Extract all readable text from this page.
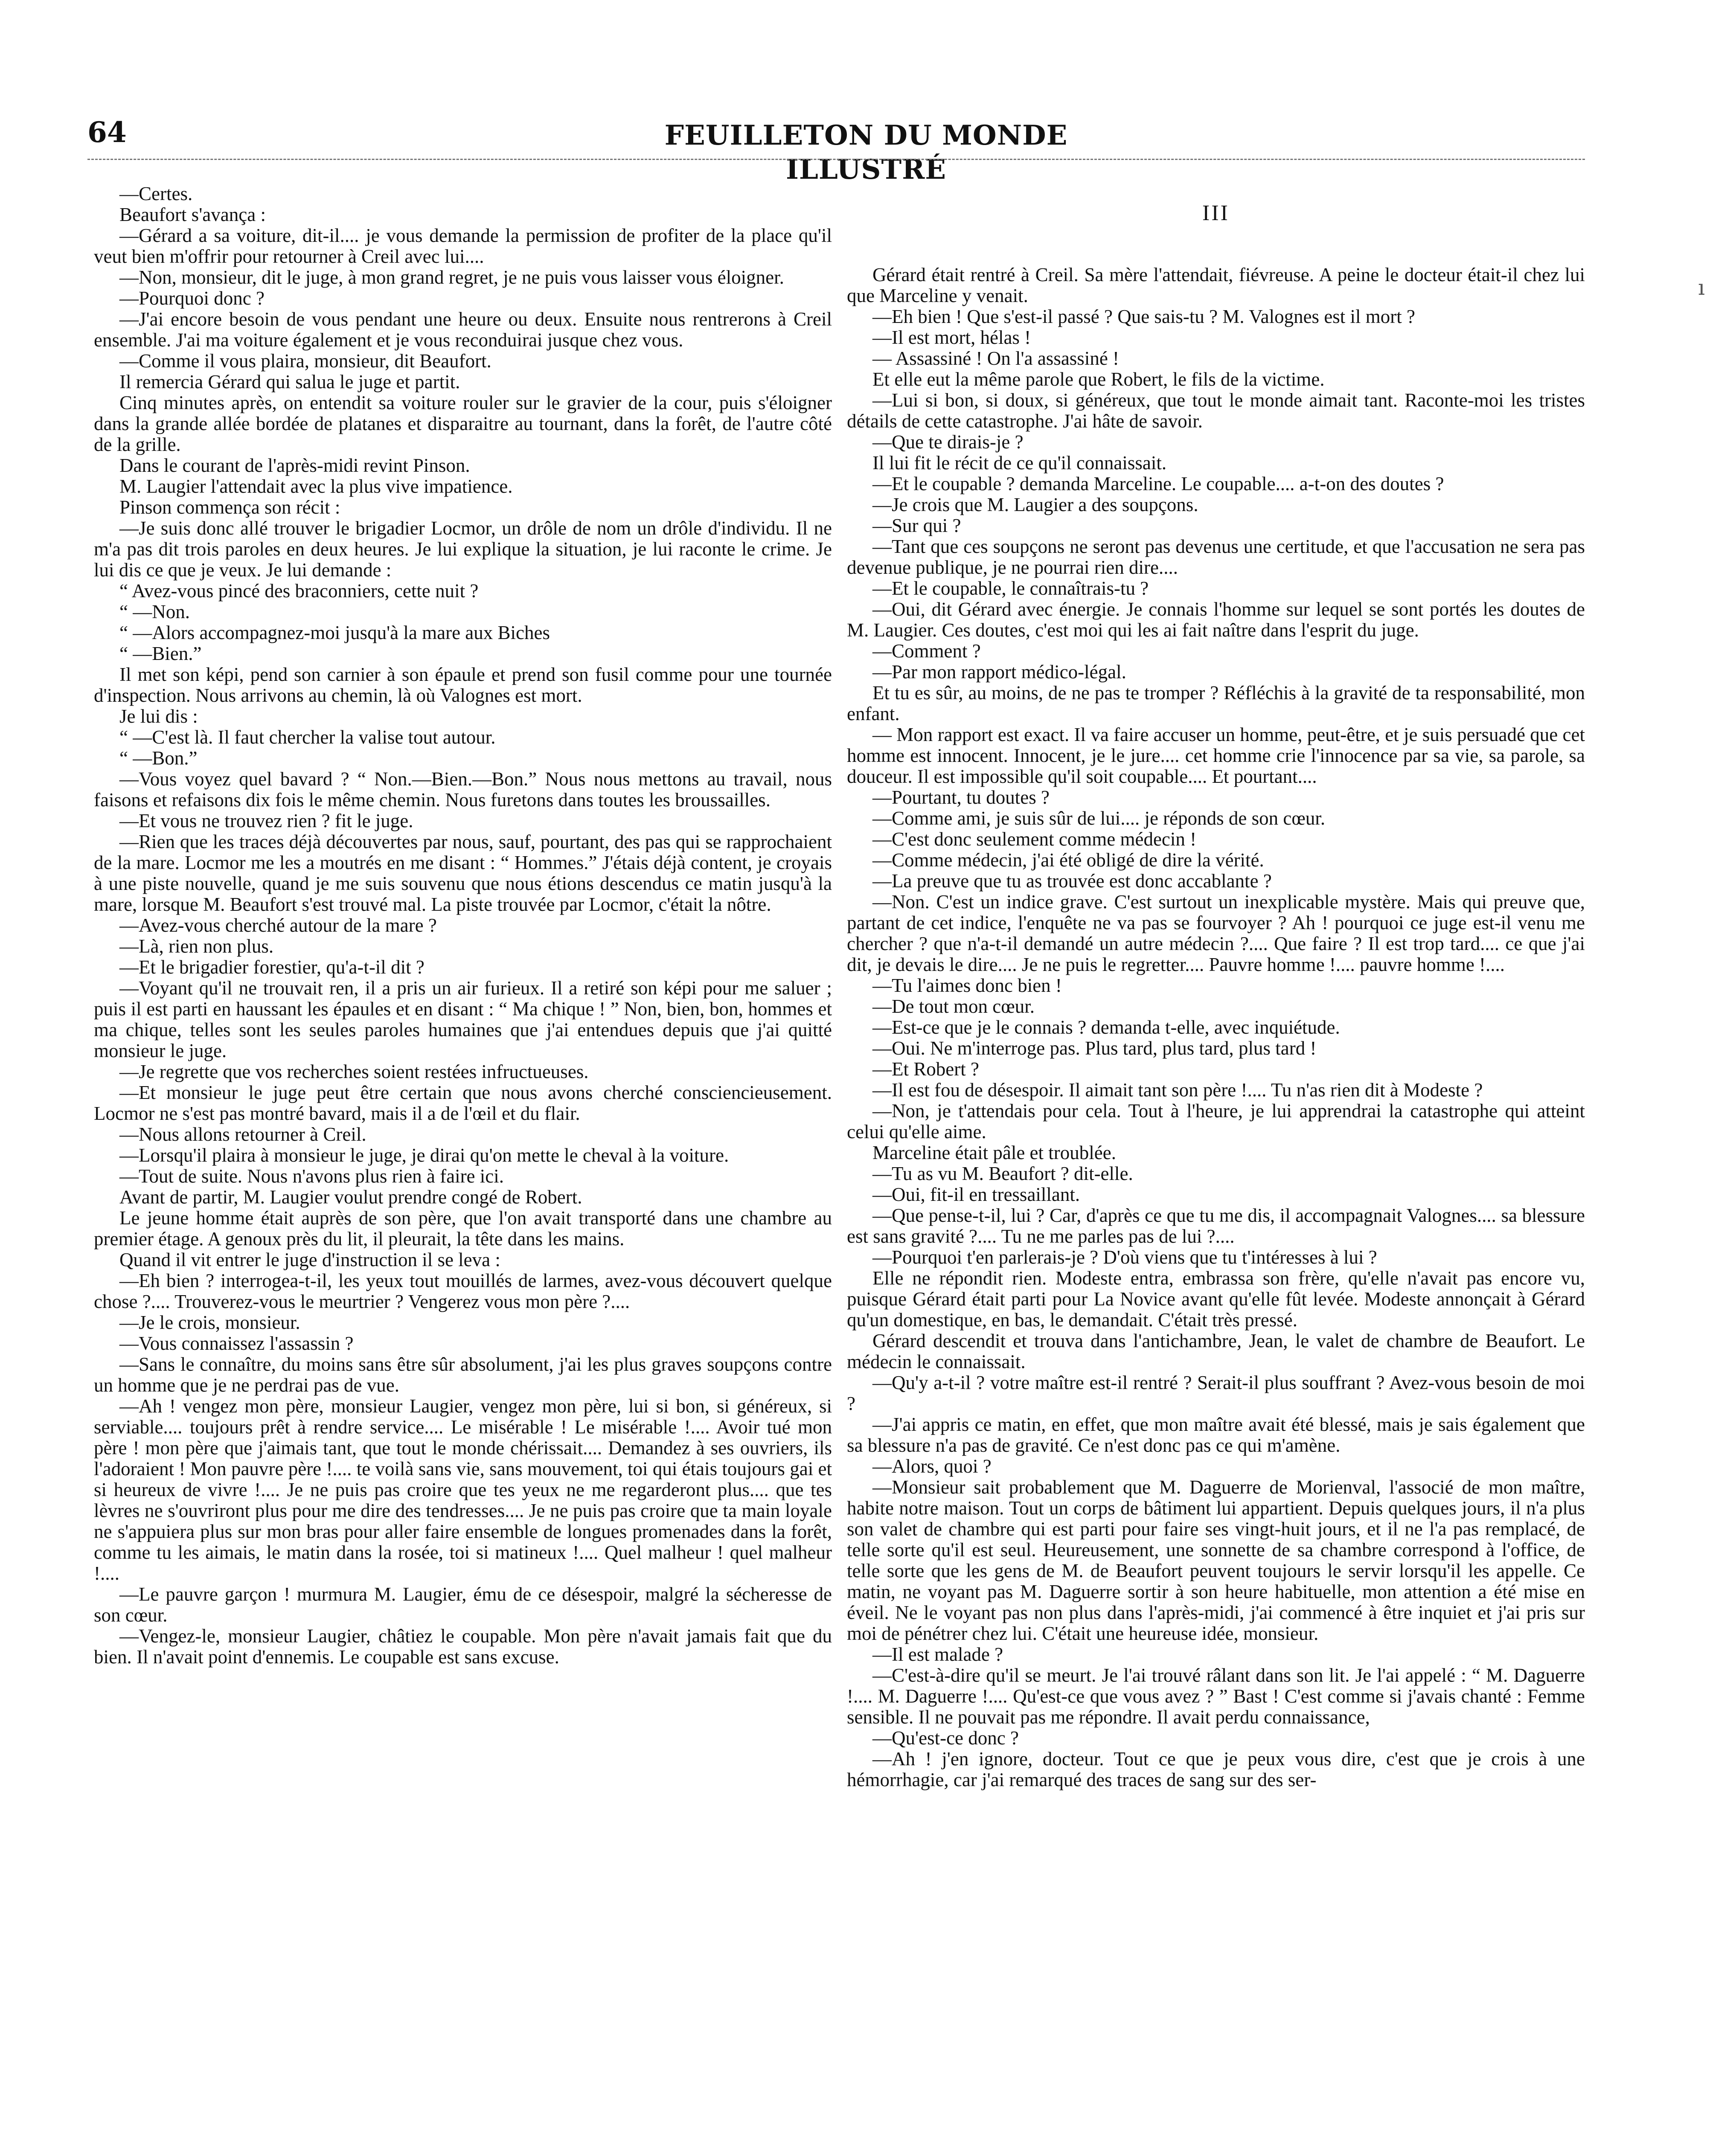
64	FEUILLETON DU MONDE ILLUSTRÉ
ı

—Certes.

Beaufort s'avança :

—Gérard a sa voiture, dit-il.... je vous demande la permission de profiter de la place qu'il veut bien m'offrir pour retourner à Creil avec lui....

—Non, monsieur, dit le juge, à mon grand regret, je ne puis vous laisser vous éloigner.

—Pourquoi donc ?

—J'ai encore besoin de vous pendant une heure ou deux. Ensuite nous rentrerons à Creil ensemble. J'ai ma voiture également et je vous reconduirai jusque chez vous.

—Comme il vous plaira, monsieur, dit Beaufort.

Il remercia Gérard qui salua le juge et partit.

Cinq minutes après, on entendit sa voiture rouler sur le gravier de la cour, puis s'éloigner dans la grande allée bordée de platanes et disparaitre au tournant, dans la forêt, de l'autre côté de la grille.

Dans le courant de l'après-midi revint Pinson.

M. Laugier l'attendait avec la plus vive impatience.

Pinson commença son récit :

—Je suis donc allé trouver le brigadier Locmor, un drôle de nom un drôle d'individu. Il ne m'a pas dit trois paroles en deux heures. Je lui explique la situation, je lui raconte le crime. Je lui dis ce que je veux. Je lui demande :

“ Avez-vous pincé des braconniers, cette nuit ?

“ —Non.

“ —Alors accompagnez-moi jusqu'à la mare aux Biches

“ —Bien.”

Il met son képi, pend son carnier à son épaule et prend son fusil comme pour une tournée d'inspection. Nous arrivons au chemin, là où Valognes est mort.

Je lui dis :

“ —C'est là. Il faut chercher la valise tout autour.

“ —Bon.”

—Vous voyez quel bavard ? “ Non.—Bien.—Bon.” Nous nous mettons au travail, nous faisons et refaisons dix fois le même chemin. Nous furetons dans toutes les broussailles.

—Et vous ne trouvez rien ? fit le juge.

—Rien que les traces déjà découvertes par nous, sauf, pourtant, des pas qui se rapprochaient de la mare. Locmor me les a moutrés en me disant : “ Hommes.” J'étais déjà content, je croyais à une piste nouvelle, quand je me suis souvenu que nous étions descendus ce matin jusqu'à la mare, lorsque M. Beaufort s'est trouvé mal. La piste trouvée par Locmor, c'était la nôtre.

—Avez-vous cherché autour de la mare ?

—Là, rien non plus.

—Et le brigadier forestier, qu'a-t-il dit ?

—Voyant qu'il ne trouvait ren, il a pris un air furieux. Il a retiré son képi pour me saluer ; puis il est parti en haussant les épaules et en disant : “ Ma chique ! ” Non, bien, bon, hommes et ma chique, telles sont les seules paroles humaines que j'ai entendues depuis que j'ai quitté monsieur le juge.

—Je regrette que vos recherches soient restées infructueuses.

—Et monsieur le juge peut être certain que nous avons cherché consciencieusement. Locmor ne s'est pas montré bavard, mais il a de l'œil et du flair.

—Nous allons retourner à Creil.

—Lorsqu'il plaira à monsieur le juge, je dirai qu'on mette le cheval à la voiture.

—Tout de suite. Nous n'avons plus rien à faire ici.

Avant de partir, M. Laugier voulut prendre congé de Robert.

Le jeune homme était auprès de son père, que l'on avait transporté dans une chambre au premier étage. A genoux près du lit, il pleurait, la tête dans les mains.

Quand il vit entrer le juge d'instruction il se leva :

—Eh bien ? interrogea-t-il, les yeux tout mouillés de larmes, avez-vous découvert quelque chose ?.... Trouverez-vous le meurtrier ? Vengerez vous mon père ?....

—Je le crois, monsieur.

—Vous connaissez l'assassin ?

—Sans le connaître, du moins sans être sûr absolument, j'ai les plus graves soupçons contre un homme que je ne perdrai pas de vue.

—Ah ! vengez mon père, monsieur Laugier, vengez mon père, lui si bon, si généreux, si serviable.... toujours prêt à rendre service.... Le misérable ! Le misérable !.... Avoir tué mon père ! mon père que j'aimais tant, que tout le monde chérissait.... Demandez à ses ouvriers, ils l'adoraient ! Mon pauvre père !.... te voilà sans vie, sans mouvement, toi qui étais toujours gai et si heureux de vivre !.... Je ne puis pas croire que tes yeux ne me regarderont plus.... que tes lèvres ne s'ouvriront plus pour me dire des tendresses.... Je ne puis pas croire que ta main loyale ne s'appuiera plus sur mon bras pour aller faire ensemble de longues promenades dans la forêt, comme tu les aimais, le matin dans la rosée, toi si matineux !.... Quel malheur ! quel malheur !....

—Le pauvre garçon ! murmura M. Laugier, ému de ce désespoir, malgré la sécheresse de son cœur.

—Vengez-le, monsieur Laugier, châtiez le coupable. Mon père n'avait jamais fait que du bien. Il n'avait point d'ennemis. Le coupable est sans excuse.

III

Gérard était rentré à Creil. Sa mère l'attendait, fiévreuse. A peine le docteur était-il chez lui que Marceline y venait.

—Eh bien ! Que s'est-il passé ? Que sais-tu ? M. Valognes est il mort ?

—Il est mort, hélas !

— Assassiné ! On l'a assassiné !

Et elle eut la même parole que Robert, le fils de la victime.

—Lui si bon, si doux, si généreux, que tout le monde aimait tant. Raconte-moi les tristes détails de cette catastrophe. J'ai hâte de savoir.

—Que te dirais-je ?

Il lui fit le récit de ce qu'il connaissait.

—Et le coupable ? demanda Marceline. Le coupable.... a-t-on des doutes ?

—Je crois que M. Laugier a des soupçons.

—Sur qui ?

—Tant que ces soupçons ne seront pas devenus une certitude, et que l'accusation ne sera pas devenue publique, je ne pourrai rien dire....

—Et le coupable, le connaîtrais-tu ?

—Oui, dit Gérard avec énergie. Je connais l'homme sur lequel se sont portés les doutes de M. Laugier. Ces doutes, c'est moi qui les ai fait naître dans l'esprit du juge.

—Comment ?

—Par mon rapport médico-légal.

Et tu es sûr, au moins, de ne pas te tromper ? Réfléchis à la gravité de ta responsabilité, mon enfant.

— Mon rapport est exact. Il va faire accuser un homme, peut-être, et je suis persuadé que cet homme est innocent. Innocent, je le jure.... cet homme crie l'innocence par sa vie, sa parole, sa douceur. Il est impossible qu'il soit coupable.... Et pourtant....

—Pourtant, tu doutes ?

—Comme ami, je suis sûr de lui.... je réponds de son cœur.

—C'est donc seulement comme médecin !

—Comme médecin, j'ai été obligé de dire la vérité.

—La preuve que tu as trouvée est donc accablante ?

—Non. C'est un indice grave. C'est surtout un inexplicable mystère. Mais qui preuve que, partant de cet indice, l'enquête ne va pas se fourvoyer ? Ah ! pourquoi ce juge est-il venu me chercher ? que n'a-t-il demandé un autre médecin ?.... Que faire ? Il est trop tard.... ce que j'ai dit, je devais le dire.... Je ne puis le regretter.... Pauvre homme !.... pauvre homme !....

—Tu l'aimes donc bien !

—De tout mon cœur.

—Est-ce que je le connais ? demanda t-elle, avec inquiétude.

—Oui. Ne m'interroge pas. Plus tard, plus tard, plus tard !

—Et Robert ?

—Il est fou de désespoir. Il aimait tant son père !.... Tu n'as rien dit à Modeste ?

—Non, je t'attendais pour cela. Tout à l'heure, je lui apprendrai la catastrophe qui atteint celui qu'elle aime.

Marceline était pâle et troublée.

—Tu as vu M. Beaufort ? dit-elle.

—Oui, fit-il en tressaillant.

—Que pense-t-il, lui ? Car, d'après ce que tu me dis, il accompagnait Valognes.... sa blessure est sans gravité ?.... Tu ne me parles pas de lui ?....

—Pourquoi t'en parlerais-je ? D'où viens que tu t'intéresses à lui ?

Elle ne répondit rien. Modeste entra, embrassa son frère, qu'elle n'avait pas encore vu, puisque Gérard était parti pour La Novice avant qu'elle fût levée. Modeste annonçait à Gérard qu'un domestique, en bas, le demandait. C'était très pressé.

Gérard descendit et trouva dans l'antichambre, Jean, le valet de chambre de Beaufort. Le médecin le connaissait.

—Qu'y a-t-il ? votre maître est-il rentré ? Serait-il plus souffrant ? Avez-vous besoin de moi ?

—J'ai appris ce matin, en effet, que mon maître avait été blessé, mais je sais également que sa blessure n'a pas de gravité. Ce n'est donc pas ce qui m'amène.

—Alors, quoi ?

—Monsieur sait probablement que M. Daguerre de Morienval, l'associé de mon maître, habite notre maison. Tout un corps de bâtiment lui appartient. Depuis quelques jours, il n'a plus son valet de chambre qui est parti pour faire ses vingt-huit jours, et il ne l'a pas remplacé, de telle sorte qu'il est seul. Heureusement, une sonnette de sa chambre correspond à l'office, de telle sorte que les gens de M. de Beaufort peuvent toujours le servir lorsqu'il les appelle. Ce matin, ne voyant pas M. Daguerre sortir à son heure habituelle, mon attention a été mise en éveil. Ne le voyant pas non plus dans l'après-midi, j'ai commencé à être inquiet et j'ai pris sur moi de pénétrer chez lui. C'était une heureuse idée, monsieur.

—Il est malade ?

—C'est-à-dire qu'il se meurt. Je l'ai trouvé râlant dans son lit. Je l'ai appelé : “ M. Daguerre !.... M. Daguerre !.... Qu'est-ce que vous avez ? ” Bast ! C'est comme si j'avais chanté : Femme sensible. Il ne pouvait pas me répondre. Il avait perdu connaissance,

—Qu'est-ce donc ?

—Ah ! j'en ignore, docteur. Tout ce que je peux vous dire, c'est que je crois à une hémorrhagie, car j'ai remarqué des traces de sang sur des ser-
